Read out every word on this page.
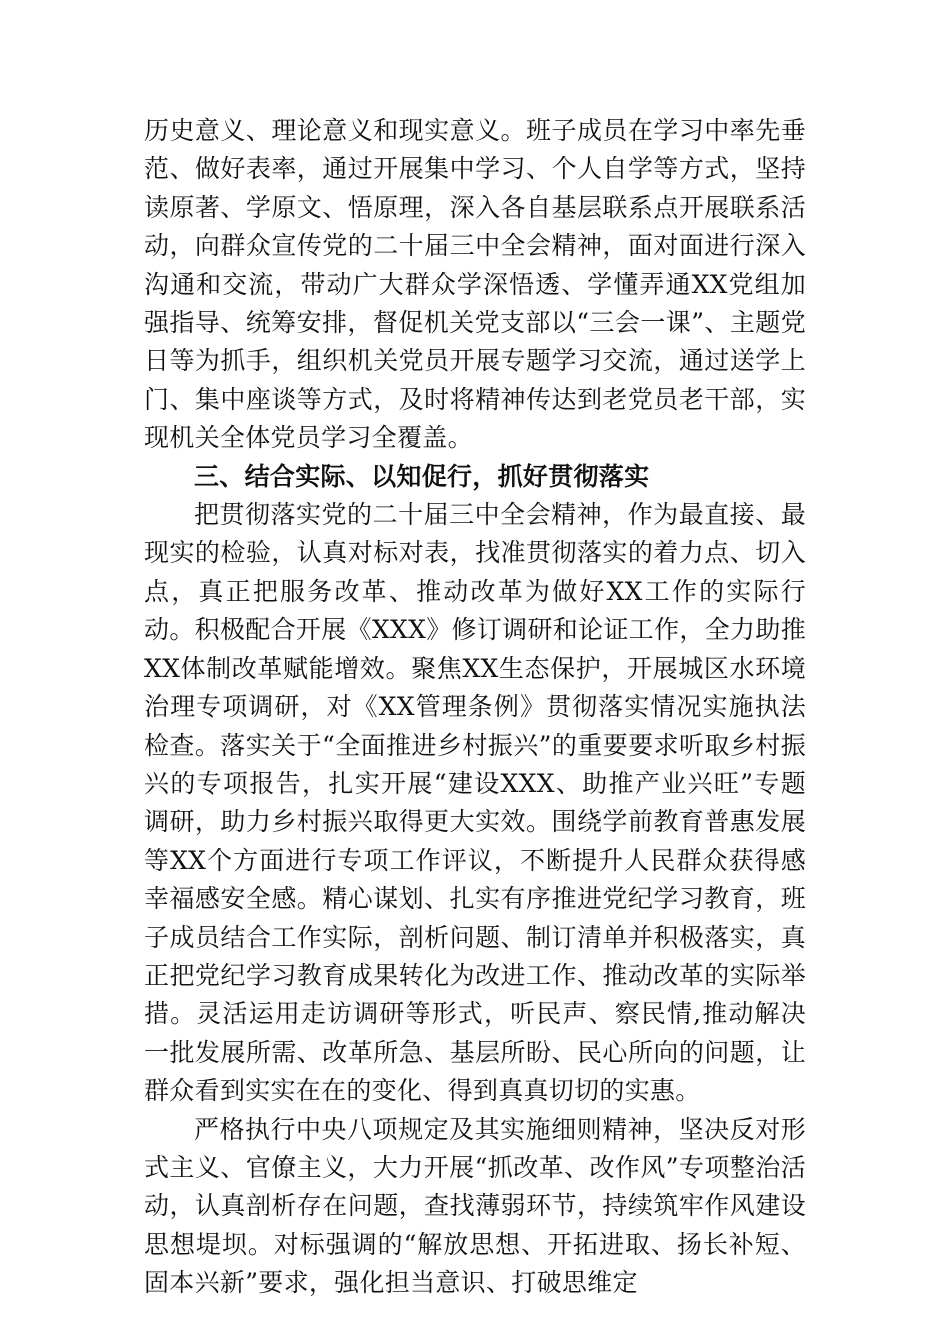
历史意义、理论意义和现实意义。班子成员在学习中率先垂范、做好表率，通过开展集中学习、个人自学等方式，坚持读原著、学原文、悟原理，深入各自基层联系点开展联系活动，向群众宣传党的二十届三中全会精神，面对面进行深入沟通和交流，带动广大群众学深悟透、学懂弄通XX党组加强指导、统筹安排，督促机关党支部以“三会一课”、主题党日等为抓手，组织机关党员开展专题学习交流，通过送学上门、集中座谈等方式，及时将精神传达到老党员老干部，实现机关全体党员学习全覆盖。

三、结合实际、以知促行，抓好贯彻落实

把贯彻落实党的二十届三中全会精神，作为最直接、最现实的检验，认真对标对表，找准贯彻落实的着力点、切入点，真正把服务改革、推动改革为做好XX工作的实际行动。积极配合开展《XXX》修订调研和论证工作，全力助推XX体制改革赋能增效。聚焦XX生态保护，开展城区水环境治理专项调研，对《XX管理条例》贯彻落实情况实施执法检查。落实关于“全面推进乡村振兴”的重要要求听取乡村振兴的专项报告，扎实开展“建设XXX、助推产业兴旺”专题调研，助力乡村振兴取得更大实效。围绕学前教育普惠发展等XX个方面进行专项工作评议，不断提升人民群众获得感幸福感安全感。精心谋划、扎实有序推进党纪学习教育，班子成员结合工作实际，剖析问题、制订清单并积极落实，真正把党纪学习教育成果转化为改进工作、推动改革的实际举措。灵活运用走访调研等形式，听民声、察民情,推动解决一批发展所需、改革所急、基层所盼、民心所向的问题，让群众看到实实在在的变化、得到真真切切的实惠。

严格执行中央八项规定及其实施细则精神，坚决反对形式主义、官僚主义，大力开展“抓改革、改作风”专项整治活动，认真剖析存在问题，查找薄弱环节，持续筑牢作风建设思想堤坝。对标强调的“解放思想、开拓进取、扬长补短、固本兴新”要求，强化担当意识、打破思维定
